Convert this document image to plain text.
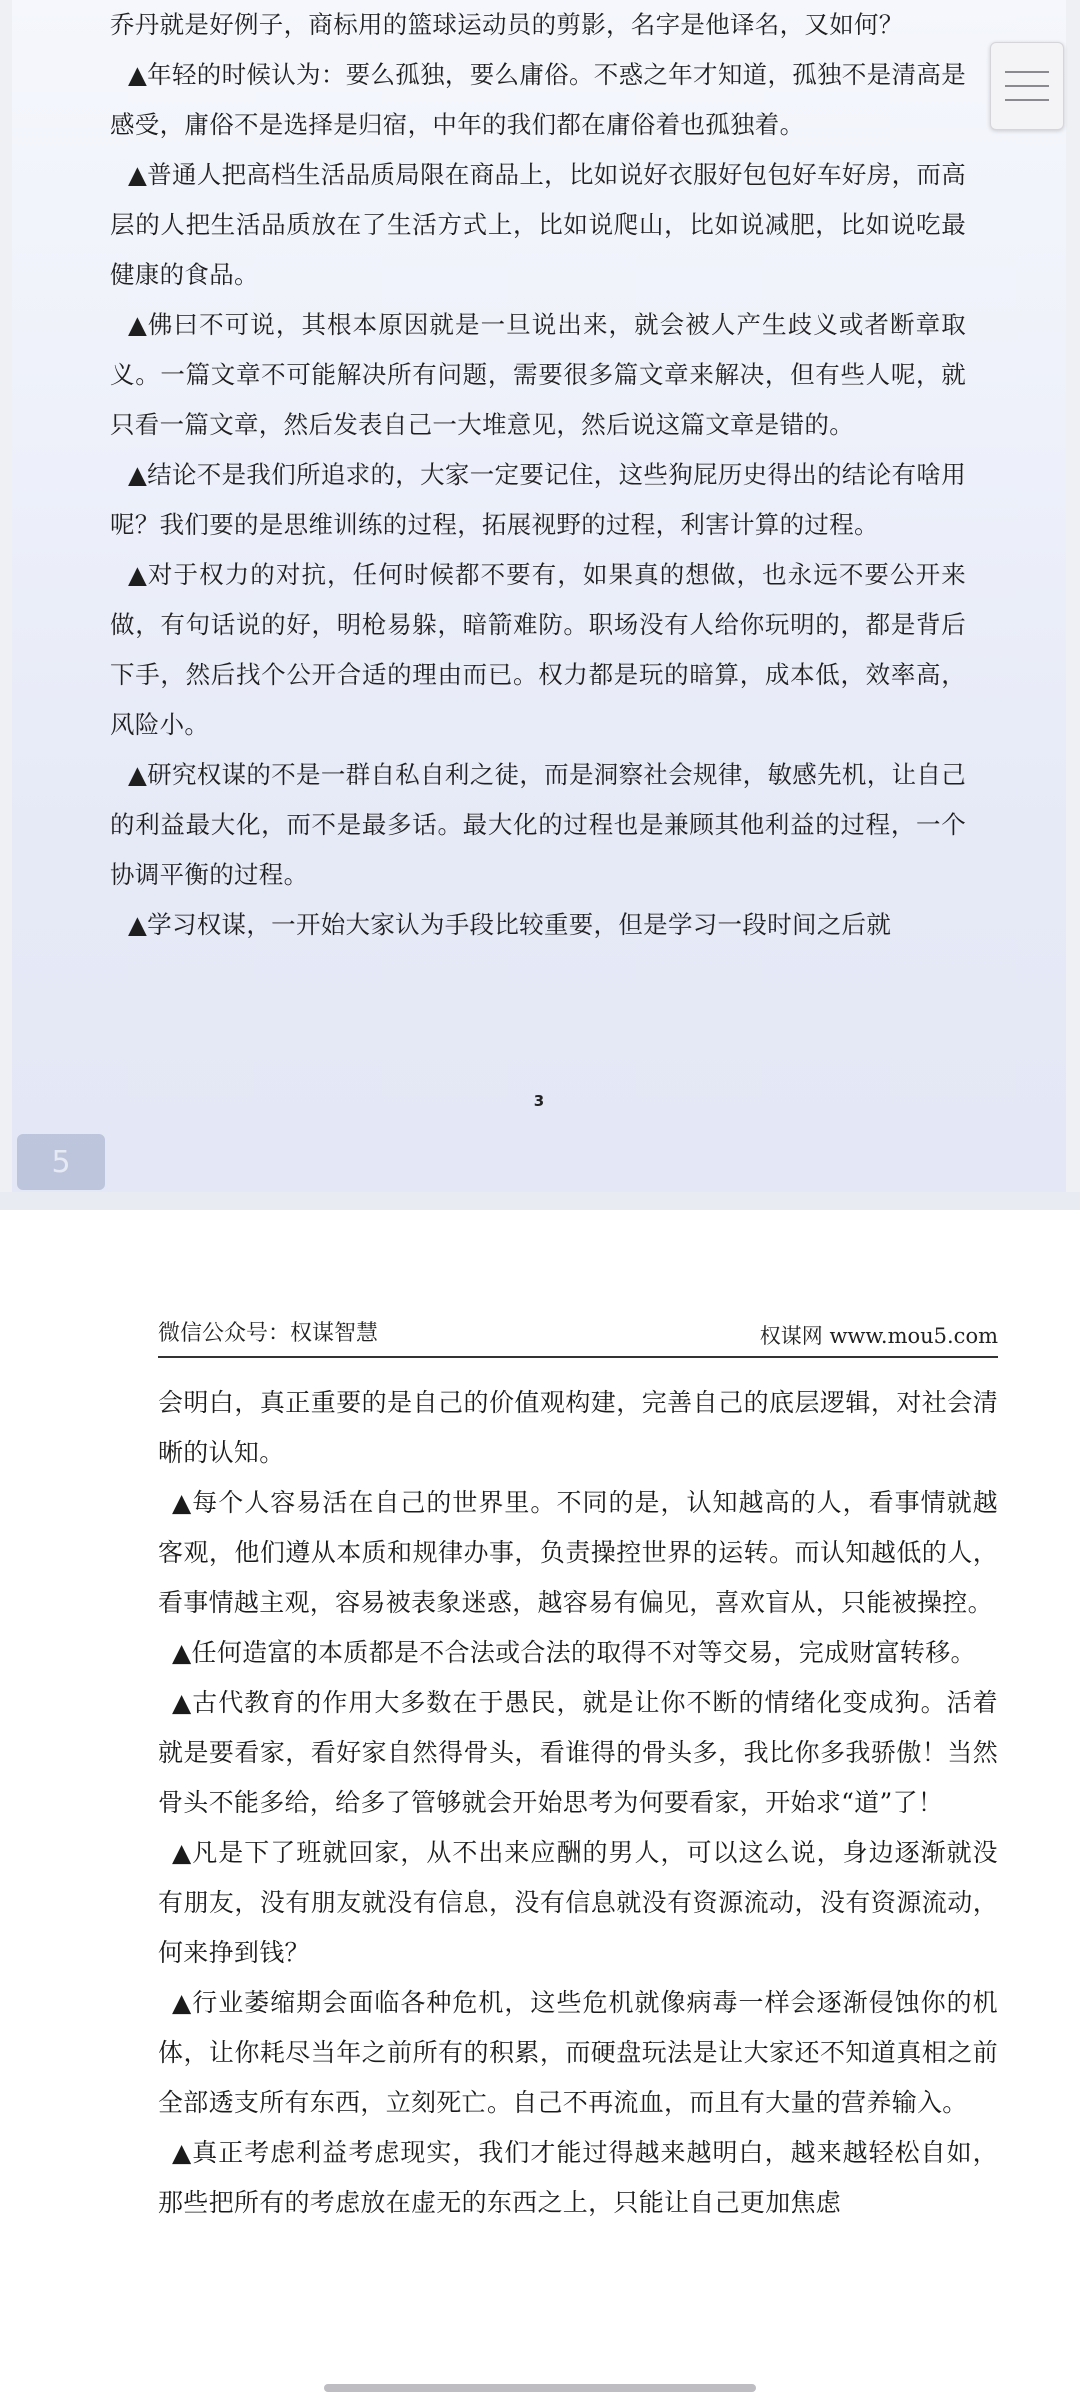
乔丹就是好例子，商标用的篮球运动员的剪影，名字是他译名，又如何？

▲年轻的时候认为：要么孤独，要么庸俗。不惑之年才知道，孤独不是清高是感受，庸俗不是选择是归宿，中年的我们都在庸俗着也孤独着。

▲普通人把高档生活品质局限在商品上，比如说好衣服好包包好车好房，而高层的人把生活品质放在了生活方式上，比如说爬山，比如说减肥，比如说吃最健康的食品。

▲佛曰不可说，其根本原因就是一旦说出来，就会被人产生歧义或者断章取义。一篇文章不可能解决所有问题，需要很多篇文章来解决，但有些人呢，就只看一篇文章，然后发表自己一大堆意见，然后说这篇文章是错的。

▲结论不是我们所追求的，大家一定要记住，这些狗屁历史得出的结论有啥用呢？我们要的是思维训练的过程，拓展视野的过程，利害计算的过程。

▲对于权力的对抗，任何时候都不要有，如果真的想做，也永远不要公开来做，有句话说的好，明枪易躲，暗箭难防。职场没有人给你玩明的，都是背后下手，然后找个公开合适的理由而已。权力都是玩的暗算，成本低，效率高，风险小。

▲研究权谋的不是一群自私自利之徒，而是洞察社会规律，敏感先机，让自己的利益最大化，而不是最多话。最大化的过程也是兼顾其他利益的过程，一个协调平衡的过程。

▲学习权谋，一开始大家认为手段比较重要，但是学习一段时间之后就

3
微信公众号：权谋智慧	权谋网 www.mou5.com

会明白，真正重要的是自己的价值观构建，完善自己的底层逻辑，对社会清晰的认知。

▲每个人容易活在自己的世界里。不同的是，认知越高的人，看事情就越客观，他们遵从本质和规律办事，负责操控世界的运转。而认知越低的人，看事情越主观，容易被表象迷惑，越容易有偏见，喜欢盲从，只能被操控。

▲任何造富的本质都是不合法或合法的取得不对等交易，完成财富转移。

▲古代教育的作用大多数在于愚民，就是让你不断的情绪化变成狗。活着就是要看家，看好家自然得骨头，看谁得的骨头多，我比你多我骄傲！当然骨头不能多给，给多了管够就会开始思考为何要看家，开始求“道”了！

▲凡是下了班就回家，从不出来应酬的男人，可以这么说，身边逐渐就没有朋友，没有朋友就没有信息，没有信息就没有资源流动，没有资源流动，何来挣到钱？

▲行业萎缩期会面临各种危机，这些危机就像病毒一样会逐渐侵蚀你的机体，让你耗尽当年之前所有的积累，而硬盘玩法是让大家还不知道真相之前全部透支所有东西，立刻死亡。自己不再流血，而且有大量的营养输入。

▲真正考虑利益考虑现实，我们才能过得越来越明白，越来越轻松自如，那些把所有的考虑放在虚无的东西之上，只能让自己更加焦虑

5
